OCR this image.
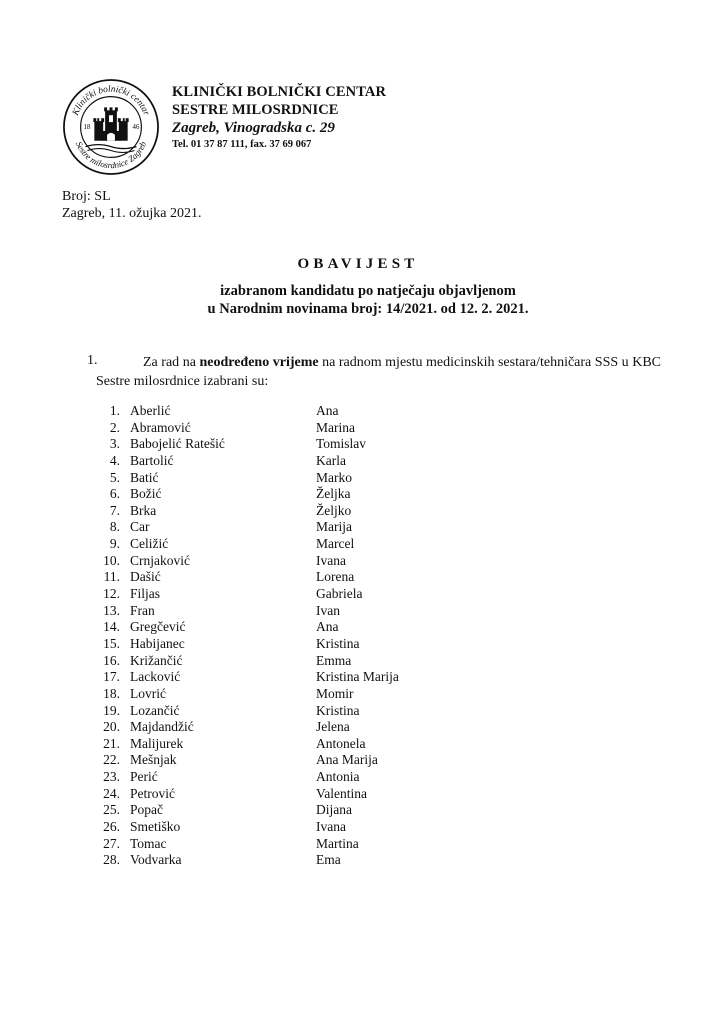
Klinički bolnički centar
Sestre milosrdnice Zagreb
18	46
KLINIČKI BOLNIČKI CENTAR
SESTRE MILOSRDNICE
Zagreb, Vinogradska c. 29
Tel. 01 37 87 111, fax. 37 69 067
Broj: SL
Zagreb, 11. ožujka 2021.
OBAVIJEST
izabranom kandidatu po natječaju objavljenom
u Narodnim novinama broj: 14/2021. od 12. 2. 2021.
1.	Za rad na neodređeno vrijeme na radnom mjestu medicinskih sestara/tehničara SSS u KBC Sestre milosrdnice izabrani su:
1. Aberlić	Ana
2. Abramović	Marina
3. Babojelić Ratešić	Tomislav
4. Bartolić	Karla
5. Batić	Marko
6. Božić	Željka
7. Brka	Željko
8. Car	Marija
9. Celižić	Marcel
10. Crnjaković	Ivana
11. Dašić	Lorena
12. Filjas	Gabriela
13. Fran	Ivan
14. Gregčević	Ana
15. Habijanec	Kristina
16. Križančić	Emma
17. Lacković	Kristina Marija
18. Lovrić	Momir
19. Lozančić	Kristina
20. Majdandžić	Jelena
21. Malijurek	Antonela
22. Mešnjak	Ana Marija
23. Perić	Antonia
24. Petrović	Valentina
25. Popač	Dijana
26. Smetiško	Ivana
27. Tomac	Martina
28. Vodvarka	Ema
